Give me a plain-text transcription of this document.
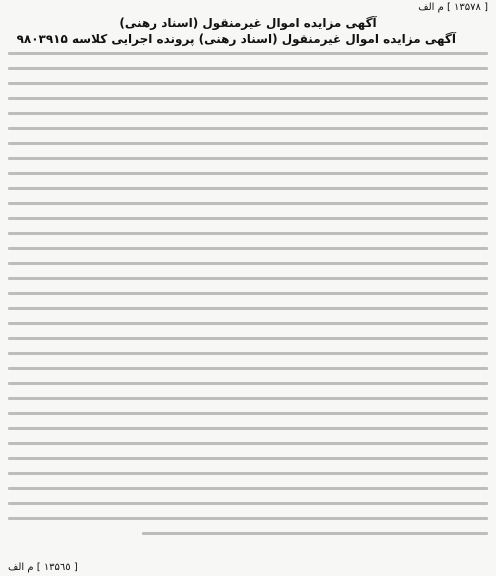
[ ١٣۵٧٨ ] م الف
آگهی مزایده اموال غیرمنقول (اسناد رهنی)
آگهی مزایده اموال غیرمنقول (اسناد رهنی) پرونده اجرایی کلاسه ٩٨٠٣٩١۵
[ ١٣۵٦٥ ] م الف
